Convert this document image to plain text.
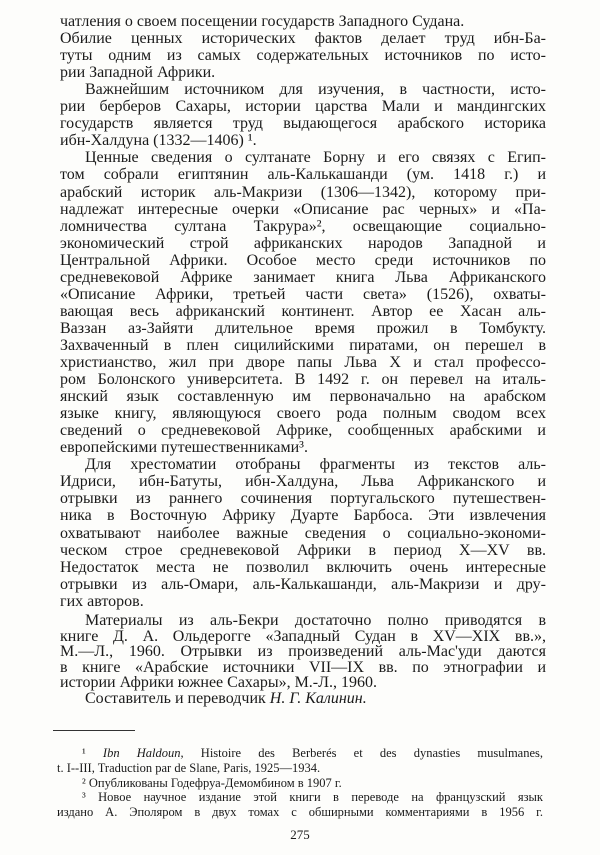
чатления о своем посещении государств Западного Судана.
Обилие ценных исторических фактов делает труд ибн-Ба-
туты одним из самых содержательных источников по исто-
рии Западной Африки.
Важнейшим источником для изучения, в частности, исто-
рии берберов Сахары, истории царства Мали и мандингских
государств является труд выдающегося арабского историка
ибн-Халдуна (1332—1406) ¹.
Ценные сведения о султанате Борну и его связях с Егип-
том собрали египтянин аль-Калькашанди (ум. 1418 г.) и
арабский историк аль-Макризи (1306—1342), которому при-
надлежат интересные очерки «Описание рас черных» и «Па-
ломничества султана Такрура»², освещающие социально-
экономический строй африканских народов Западной и
Центральной Африки. Особое место среди источников по
средневековой Африке занимает книга Льва Африканского
«Описание Африки, третьей части света» (1526), охваты-
вающая весь африканский континент. Автор ее Хасан аль-
Ваззан аз-Зайяти длительное время прожил в Томбукту.
Захваченный в плен сицилийскими пиратами, он перешел в
христианство, жил при дворе папы Льва X и стал профессо-
ром Болонского университета. В 1492 г. он перевел на италь-
янский язык составленную им первоначально на арабском
языке книгу, являющуюся своего рода полным сводом всех
сведений о средневековой Африке, сообщенных арабскими и
европейскими путешественниками³.
Для хрестоматии отобраны фрагменты из текстов аль-
Идриси, ибн-Батуты, ибн-Халдуна, Льва Африканского и
отрывки из раннего сочинения португальского путешествен-
ника в Восточную Африку Дуарте Барбоса. Эти извлечения
охватывают наиболее важные сведения о социально-экономи-
ческом строе средневековой Африки в период X—XV вв.
Недостаток места не позволил включить очень интересные
отрывки из аль-Омари, аль-Калькашанди, аль-Макризи и дру-
гих авторов.
Материалы из аль-Бекри достаточно полно приводятся в
книге Д. А. Ольдерогге «Западный Судан в XV—XIX вв.»,
М.—Л., 1960. Отрывки из произведений аль-Мас'уди даются
в книге «Арабские источники VII—IX вв. по этнографии и
истории Африки южнее Сахары», М.-Л., 1960.
Составитель и переводчик Н. Г. Калинин.
¹ Ibn Haldoun, Histoire des Berberés et des dynasties musulmanes,
t. I--III, Traduction par de Slane, Paris, 1925—1934.
² Опубликованы Годефруа-Демомбином в 1907 г.
³ Новое научное издание этой книги в переводе на французский язык
издано А. Эполяром в двух томах с обширными комментариями в 1956 г.
275
